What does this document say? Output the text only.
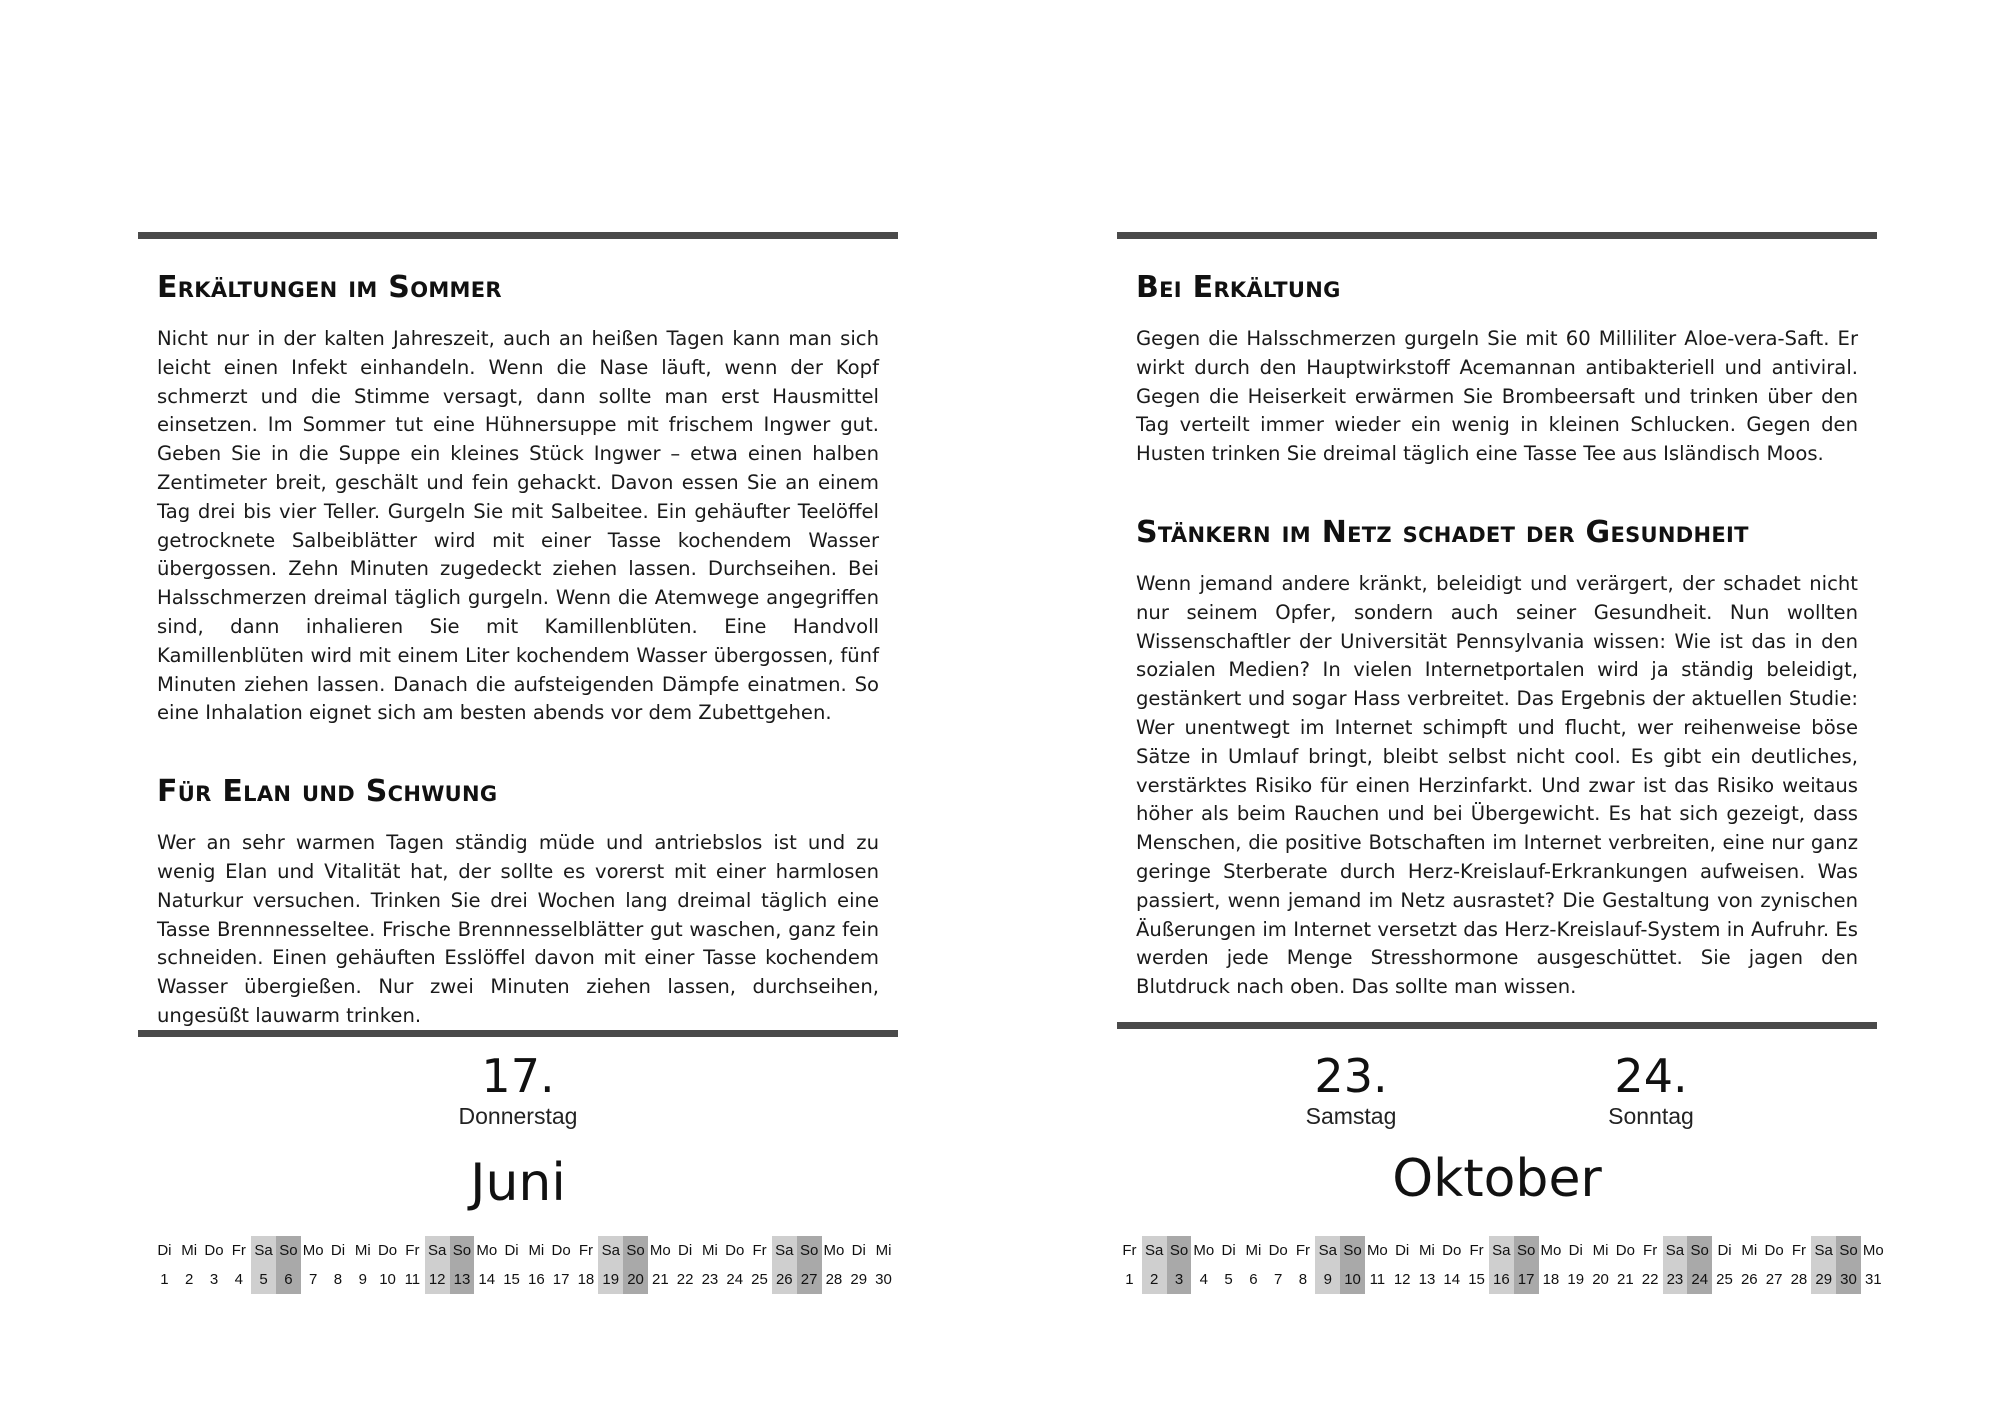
Erkältungen im Sommer

Nicht nur in der kalten Jahreszeit, auch an heißen Tagen kann man sich leicht einen Infekt einhandeln. Wenn die Nase läuft, wenn der Kopf schmerzt und die Stimme versagt, dann sollte man erst Hausmittel einsetzen. Im Sommer tut eine Hühnersuppe mit frischem Ingwer gut. Geben Sie in die Suppe ein kleines Stück Ingwer – etwa einen halben Zentimeter breit, geschält und fein gehackt. Davon essen Sie an einem Tag drei bis vier Teller. Gurgeln Sie mit Salbeitee. Ein gehäufter Teelöffel getrocknete Salbeiblätter wird mit einer Tasse kochendem Wasser übergossen. Zehn Minuten zugedeckt ziehen lassen. Durchseihen. Bei Halsschmerzen dreimal täglich gurgeln. Wenn die Atemwege angegriffen sind, dann inhalieren Sie mit Kamillenblüten. Eine Handvoll Kamillenblüten wird mit einem Liter kochendem Wasser übergossen, fünf Minuten ziehen lassen. Danach die aufsteigenden Dämpfe einatmen. So eine Inhalation eignet sich am besten abends vor dem Zubettgehen.

Für Elan und Schwung

Wer an sehr warmen Tagen ständig müde und antriebslos ist und zu wenig Elan und Vitalität hat, der sollte es vorerst mit einer harmlosen Naturkur versuchen. Trinken Sie drei Wochen lang dreimal täglich eine Tasse Brennnesseltee. Frische Brennnesselblätter gut waschen, ganz fein schneiden. Einen gehäuften Esslöffel davon mit einer Tasse kochendem Wasser übergießen. Nur zwei Minuten ziehen lassen, durchseihen, ungesüßt lauwarm trinken.

17.
Donnerstag
Juni
Di
1
Mi
2
Do
3
Fr
4
Sa
5
So
6
Mo
7
Di
8
Mi
9
Do
10
Fr
11
Sa
12
So
13
Mo
14
Di
15
Mi
16
Do
17
Fr
18
Sa
19
So
20
Mo
21
Di
22
Mi
23
Do
24
Fr
25
Sa
26
So
27
Mo
28
Di
29
Mi
30
Bei Erkältung

Gegen die Halsschmerzen gurgeln Sie mit 60 Milliliter Aloe-vera-Saft. Er wirkt durch den Hauptwirkstoff Acemannan antibakteriell und antiviral. Gegen die Heiserkeit erwärmen Sie Brombeersaft und trinken über den Tag verteilt immer wieder ein wenig in kleinen Schlucken. Gegen den Husten trinken Sie dreimal täglich eine Tasse Tee aus Isländisch Moos.

Stänkern im Netz schadet der Gesundheit

Wenn jemand andere kränkt, beleidigt und verärgert, der schadet nicht nur seinem Opfer, sondern auch seiner Gesundheit. Nun wollten Wissenschaftler der Universität Pennsylvania wissen: Wie ist das in den sozialen Medien? In vielen Internetportalen wird ja ständig beleidigt, gestänkert und sogar Hass verbreitet. Das Ergebnis der aktuellen Studie: Wer unentwegt im Internet schimpft und flucht, wer reihenweise böse Sätze in Umlauf bringt, bleibt selbst nicht cool. Es gibt ein deutliches, verstärktes Risiko für einen Herzinfarkt. Und zwar ist das Risiko weitaus höher als beim Rauchen und bei Übergewicht. Es hat sich gezeigt, dass Menschen, die positive Botschaften im Internet verbreiten, eine nur ganz geringe Sterberate durch Herz-Kreislauf-Erkrankungen aufweisen. Was passiert, wenn jemand im Netz ausrastet? Die Gestaltung von zynischen Äußerungen im Internet versetzt das Herz-Kreislauf-System in Aufruhr. Es werden jede Menge Stresshormone ausgeschüttet. Sie jagen den Blutdruck nach oben. Das sollte man wissen.

23.
Samstag
24.
Sonntag
Oktober
Fr
1
Sa
2
So
3
Mo
4
Di
5
Mi
6
Do
7
Fr
8
Sa
9
So
10
Mo
11
Di
12
Mi
13
Do
14
Fr
15
Sa
16
So
17
Mo
18
Di
19
Mi
20
Do
21
Fr
22
Sa
23
So
24
Di
25
Mi
26
Do
27
Fr
28
Sa
29
So
30
Mo
31
